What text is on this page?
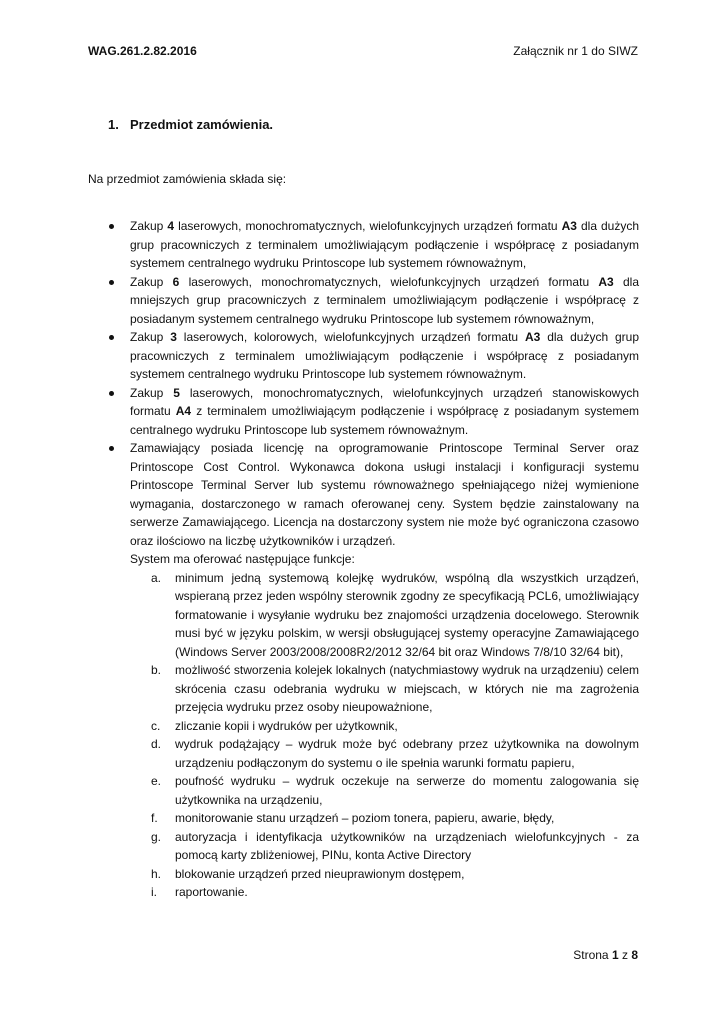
WAG.261.2.82.2016	Załącznik nr 1 do SIWZ
1. Przedmiot zamówienia.
Na przedmiot zamówienia składa się:
Zakup 4 laserowych, monochromatycznych, wielofunkcyjnych urządzeń formatu A3 dla dużych grup pracowniczych z terminalem umożliwiającym podłączenie i współpracę z posiadanym systemem centralnego wydruku Printoscope lub systemem równoważnym,
Zakup 6 laserowych, monochromatycznych, wielofunkcyjnych urządzeń formatu A3 dla mniejszych grup pracowniczych z terminalem umożliwiającym podłączenie i współpracę z posiadanym systemem centralnego wydruku Printoscope lub systemem równoważnym,
Zakup 3 laserowych, kolorowych, wielofunkcyjnych urządzeń formatu A3 dla dużych grup pracowniczych z terminalem umożliwiającym podłączenie i współpracę z posiadanym systemem centralnego wydruku Printoscope lub systemem równoważnym.
Zakup 5 laserowych, monochromatycznych, wielofunkcyjnych urządzeń stanowiskowych formatu A4 z terminalem umożliwiającym podłączenie i współpracę z posiadanym systemem centralnego wydruku Printoscope lub systemem równoważnym.
Zamawiający posiada licencję na oprogramowanie Printoscope Terminal Server oraz Printoscope Cost Control. Wykonawca dokona usługi instalacji i konfiguracji systemu Printoscope Terminal Server lub systemu równoważnego spełniającego niżej wymienione wymagania, dostarczonego w ramach oferowanej ceny. System będzie zainstalowany na serwerze Zamawiającego. Licencja na dostarczony system nie może być ograniczona czasowo oraz ilościowo na liczbę użytkowników i urządzeń.
System ma oferować następujące funkcje:
a. minimum jedną systemową kolejkę wydruków, wspólną dla wszystkich urządzeń, wspieraną przez jeden wspólny sterownik zgodny ze specyfikacją PCL6, umożliwiający formatowanie i wysyłanie wydruku bez znajomości urządzenia docelowego. Sterownik musi być w języku polskim, w wersji obsługującej systemy operacyjne Zamawiającego (Windows Server 2003/2008/2008R2/2012 32/64 bit oraz Windows 7/8/10 32/64 bit),
b. możliwość stworzenia kolejek lokalnych (natychmiastowy wydruk na urządzeniu) celem skrócenia czasu odebrania wydruku w miejscach, w których nie ma zagrożenia przejęcia wydruku przez osoby nieupoważnione,
c. zliczanie kopii i wydruków per użytkownik,
d. wydruk podążający – wydruk może być odebrany przez użytkownika na dowolnym urządzeniu podłączonym do systemu o ile spełnia warunki formatu papieru,
e. poufność wydruku – wydruk oczekuje na serwerze do momentu zalogowania się użytkownika na urządzeniu,
f. monitorowanie stanu urządzeń – poziom tonera, papieru, awarie, błędy,
g. autoryzacja i identyfikacja użytkowników na urządzeniach wielofunkcyjnych - za pomocą karty zbliżeniowej, PINu, konta Active Directory
h. blokowanie urządzeń przed nieuprawionym dostępem,
i. raportowanie.
Strona 1 z 8
